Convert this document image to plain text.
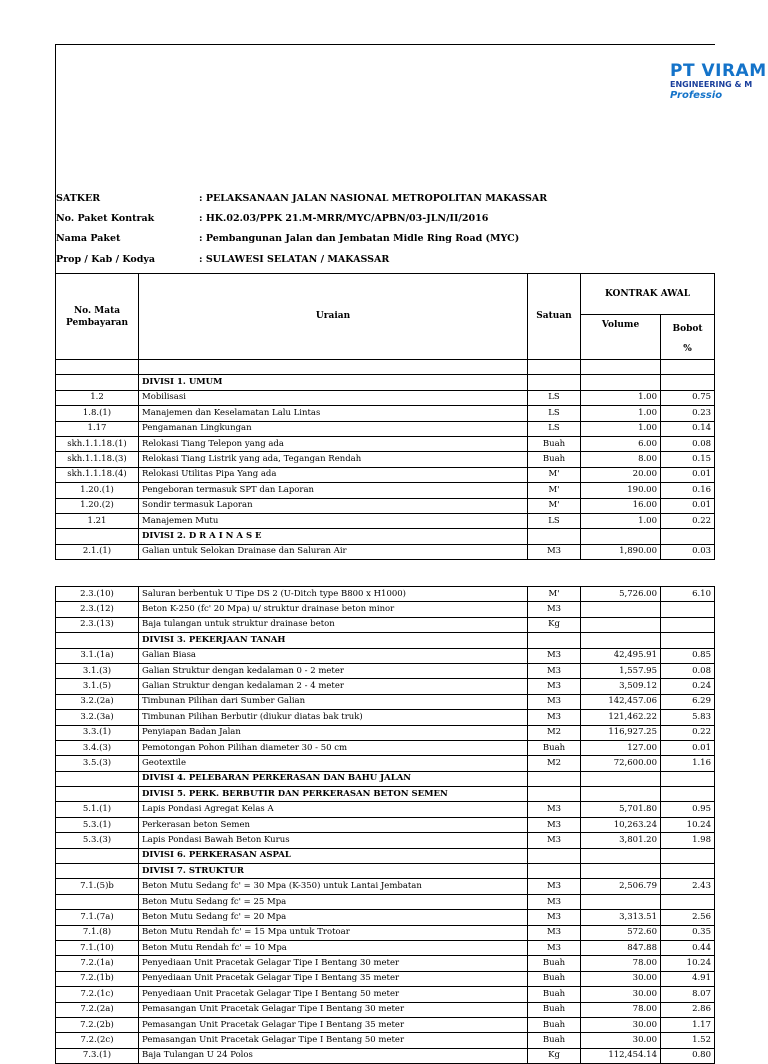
PT VIRAM
ENGINEERING & M
Professio
SATKER	: PELAKSANAAN JALAN NASIONAL METROPOLITAN MAKASSAR
No. Paket Kontrak	: HK.02.03/PPK 21.M-MRR/MYC/APBN/03-JLN/II/2016
Nama Paket	: Pembangunan Jalan dan Jembatan Midle Ring Road (MYC)
Prop / Kab / Kodya	: SULAWESI SELATAN / MAKASSAR
No. Mata
Pembayaran	Uraian	Satuan	KONTRAK AWAL	
			Volume	Bobot
%

	DIVISI 1. UMUM			
1.2	Mobilisasi	LS	1.00	0.75
1.8.(1)	Manajemen dan Keselamatan Lalu Lintas	LS	1.00	0.23
1.17	Pengamanan Lingkungan	LS	1.00	0.14
skh.1.1.18.(1)	Relokasi Tiang Telepon yang ada	Buah	6.00	0.08
skh.1.1.18.(3)	Relokasi Tiang Listrik yang ada, Tegangan Rendah	Buah	8.00	0.15
skh.1.1.18.(4)	Relokasi Utilitas Pipa Yang ada	M'	20.00	0.01
1.20.(1)	Pengeboran termasuk SPT dan Laporan	M'	190.00	0.16
1.20.(2)	Sondir termasuk Laporan	M'	16.00	0.01
1.21	Manajemen Mutu	LS	1.00	0.22
	DIVISI 2. D R A I N A S E			
2.1.(1)	Galian untuk Selokan Drainase dan Saluran Air	M3	1,890.00	0.03
2.3.(10)	Saluran berbentuk U Tipe DS 2 (U-Ditch type B800 x H1000)	M'	5,726.00	6.10
2.3.(12)	Beton K-250 (fc' 20 Mpa) u/ struktur drainase beton minor	M3		
2.3.(13)	Baja tulangan untuk struktur drainase beton	Kg		
	DIVISI 3. PEKERJAAN TANAH			
3.1.(1a)	Galian Biasa	M3	42,495.91	0.85
3.1.(3)	Galian Struktur dengan kedalaman 0 - 2 meter	M3	1,557.95	0.08
3.1.(5)	Galian Struktur dengan kedalaman 2 - 4 meter	M3	3,509.12	0.24
3.2.(2a)	Timbunan Pilihan dari Sumber Galian	M3	142,457.06	6.29
3.2.(3a)	Timbunan Pilihan Berbutir (diukur diatas bak truk)	M3	121,462.22	5.83
3.3.(1)	Penyiapan Badan Jalan	M2	116,927.25	0.22
3.4.(3)	Pemotongan Pohon Pilihan diameter 30 - 50 cm	Buah	127.00	0.01
3.5.(3)	Geotextile	M2	72,600.00	1.16
	DIVISI 4. PELEBARAN PERKERASAN DAN BAHU JALAN			
	DIVISI 5. PERK. BERBUTIR DAN PERKERASAN BETON SEMEN			
5.1.(1)	Lapis Pondasi Agregat Kelas A	M3	5,701.80	0.95
5.3.(1)	Perkerasan beton Semen	M3	10,263.24	10.24
5.3.(3)	Lapis Pondasi Bawah Beton Kurus	M3	3,801.20	1.98
	DIVISI 6. PERKERASAN ASPAL			
	DIVISI 7. STRUKTUR			
7.1.(5)b	Beton Mutu Sedang fc' = 30 Mpa (K-350) untuk Lantai Jembatan	M3	2,506.79	2.43
	Beton Mutu Sedang fc' = 25 Mpa	M3		
7.1.(7a)	Beton Mutu Sedang fc' = 20 Mpa	M3	3,313.51	2.56
7.1.(8)	Beton Mutu Rendah fc' = 15 Mpa untuk Trotoar	M3	572.60	0.35
7.1.(10)	Beton Mutu Rendah fc' = 10 Mpa	M3	847.88	0.44
7.2.(1a)	Penyediaan Unit Pracetak Gelagar Tipe I Bentang 30 meter	Buah	78.00	10.24
7.2.(1b)	Penyediaan Unit Pracetak Gelagar Tipe I Bentang 35 meter	Buah	30.00	4.91
7.2.(1c)	Penyediaan Unit Pracetak Gelagar Tipe I Bentang 50 meter	Buah	30.00	8.07
7.2.(2a)	Pemasangan Unit Pracetak Gelagar Tipe I Bentang 30 meter	Buah	78.00	2.86
7.2.(2b)	Pemasangan Unit Pracetak Gelagar Tipe I Bentang 35 meter	Buah	30.00	1.17
7.2.(2c)	Pemasangan Unit Pracetak Gelagar Tipe I Bentang 50 meter	Buah	30.00	1.52
7.3.(1)	Baja Tulangan U 24 Polos	Kg	112,454.14	0.80
